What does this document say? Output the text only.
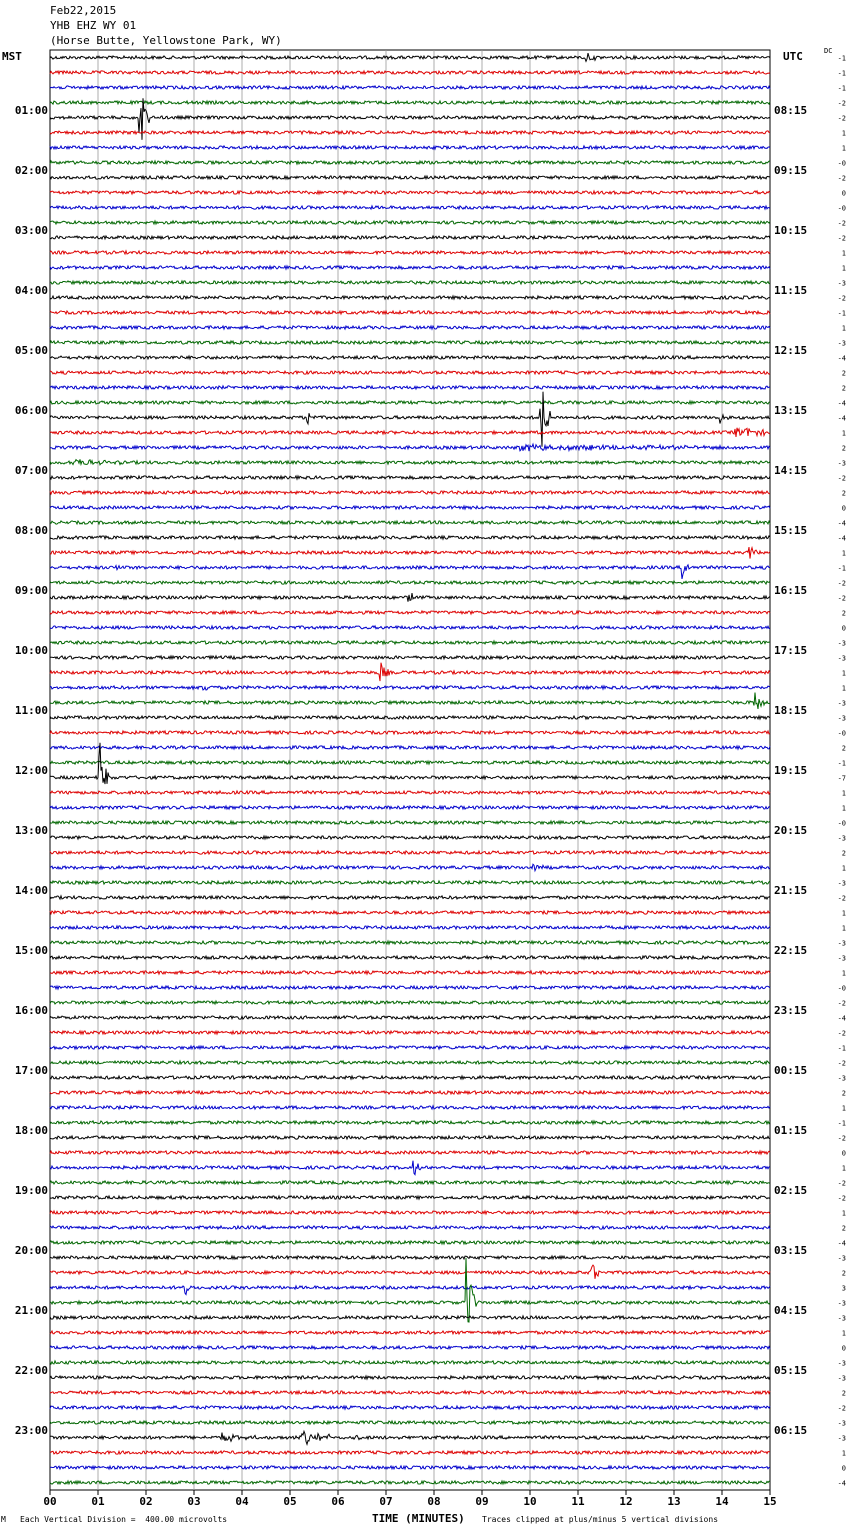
Feb22,2015
YHB EHZ WY 01
(Horse Butte, Yellowstone Park, WY)
MST	UTC	DC
-1
-1
-1
-2
-2
1
1
-0
-2
0
-0
-2
-2
1
1
-3
-2
-1
1
-3
-4
2
2
-4
-4
1
2
-3
-2
2
0
-4
-4
1
-1
-2
-2
2
0
-3
-3
1
1
-3
-3
-0
2
-1
-7
1
1
-0
-3
2
1
-3
-2
1
1
-3
-3
1
-0
-2
-4
-2
-1
-2
-3
2
1
-1
-2
0
1
-2
-2
1
2
-4
-3
2
3
-3
-3
1
0
-3
-3
2
-2
-3
-3
1
0
-4
01:00
02:00
03:00
04:00
05:00
06:00
07:00
08:00
09:00
10:00
11:00
12:00
13:00
14:00
15:00
16:00
17:00
18:00
19:00
20:00
21:00
22:00
23:00
08:15
09:15
10:15
11:15
12:15
13:15
14:15
15:15
16:15
17:15
18:15
19:15
20:15
21:15
22:15
23:15
00:15
01:15
02:15
03:15
04:15
05:15
06:15
00	01	02	03	04	05	06	07	08	09	10	11	12	13	14	15
TIME (MINUTES)
M Each Vertical Division =  400.00 microvolts	Traces clipped at plus/minus 5 vertical divisions
